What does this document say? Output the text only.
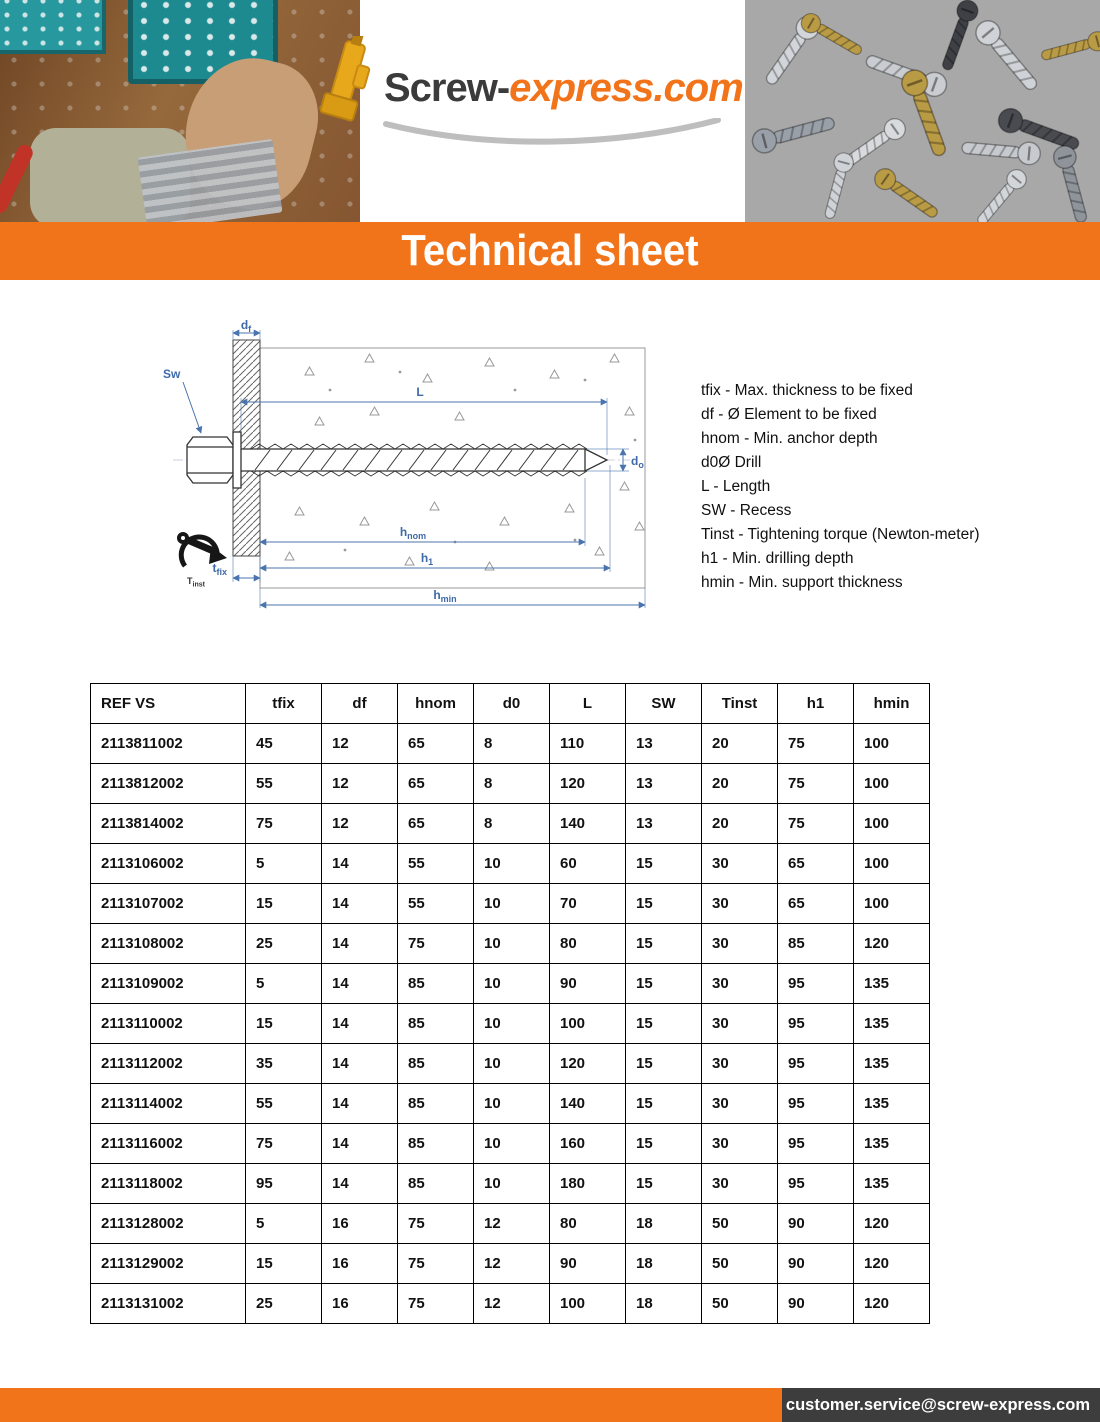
Screw-express.com
Technical sheet
$d_f$
Sw
L
$d_o$
$h_{nom}$
$h_1$
$h_{min}$
$t_{fix}$
$T_{inst}$
tfix - Max. thickness to be fixed
df - Ø Element to be fixed
hnom - Min. anchor depth
d0Ø Drill
L - Length
SW - Recess
Tinst - Tightening torque (Newton-meter)
h1 - Min. drilling depth
hmin - Min. support thickness
REF VS	tfix	df	hnom	d0	L	SW	Tinst	h1	hmin
2113811002	45	12	65	8	110	13	20	75	100
2113812002	55	12	65	8	120	13	20	75	100
2113814002	75	12	65	8	140	13	20	75	100
2113106002	5	14	55	10	60	15	30	65	100
2113107002	15	14	55	10	70	15	30	65	100
2113108002	25	14	75	10	80	15	30	85	120
2113109002	5	14	85	10	90	15	30	95	135
2113110002	15	14	85	10	100	15	30	95	135
2113112002	35	14	85	10	120	15	30	95	135
2113114002	55	14	85	10	140	15	30	95	135
2113116002	75	14	85	10	160	15	30	95	135
2113118002	95	14	85	10	180	15	30	95	135
2113128002	5	16	75	12	80	18	50	90	120
2113129002	15	16	75	12	90	18	50	90	120
2113131002	25	16	75	12	100	18	50	90	120
customer.service@screw-express.com
